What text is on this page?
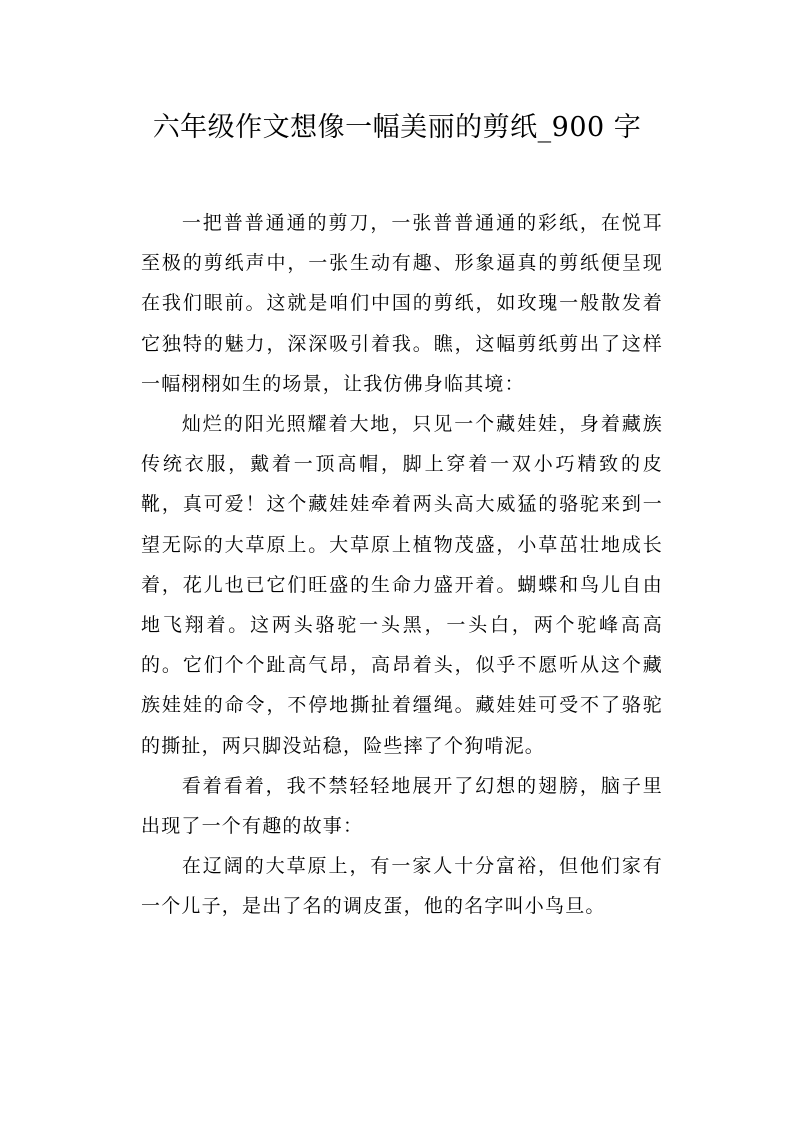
六年级作文想像一幅美丽的剪纸_900 字

一把普普通通的剪刀，一张普普通通的彩纸，在悦耳至极的剪纸声中，一张生动有趣、形象逼真的剪纸便呈现在我们眼前。这就是咱们中国的剪纸，如玫瑰一般散发着它独特的魅力，深深吸引着我。瞧，这幅剪纸剪出了这样一幅栩栩如生的场景，让我仿佛身临其境：

灿烂的阳光照耀着大地，只见一个藏娃娃，身着藏族传统衣服，戴着一顶高帽，脚上穿着一双小巧精致的皮靴，真可爱！这个藏娃娃牵着两头高大威猛的骆驼来到一望无际的大草原上。大草原上植物茂盛，小草茁壮地成长着，花儿也已它们旺盛的生命力盛开着。蝴蝶和鸟儿自由地飞翔着。这两头骆驼一头黑，一头白，两个驼峰高高的。它们个个趾高气昂，高昂着头，似乎不愿听从这个藏族娃娃的命令，不停地撕扯着缰绳。藏娃娃可受不了骆驼的撕扯，两只脚没站稳，险些摔了个狗啃泥。

看着看着，我不禁轻轻地展开了幻想的翅膀，脑子里出现了一个有趣的故事：

在辽阔的大草原上，有一家人十分富裕，但他们家有一个儿子，是出了名的调皮蛋，他的名字叫小鸟旦。
